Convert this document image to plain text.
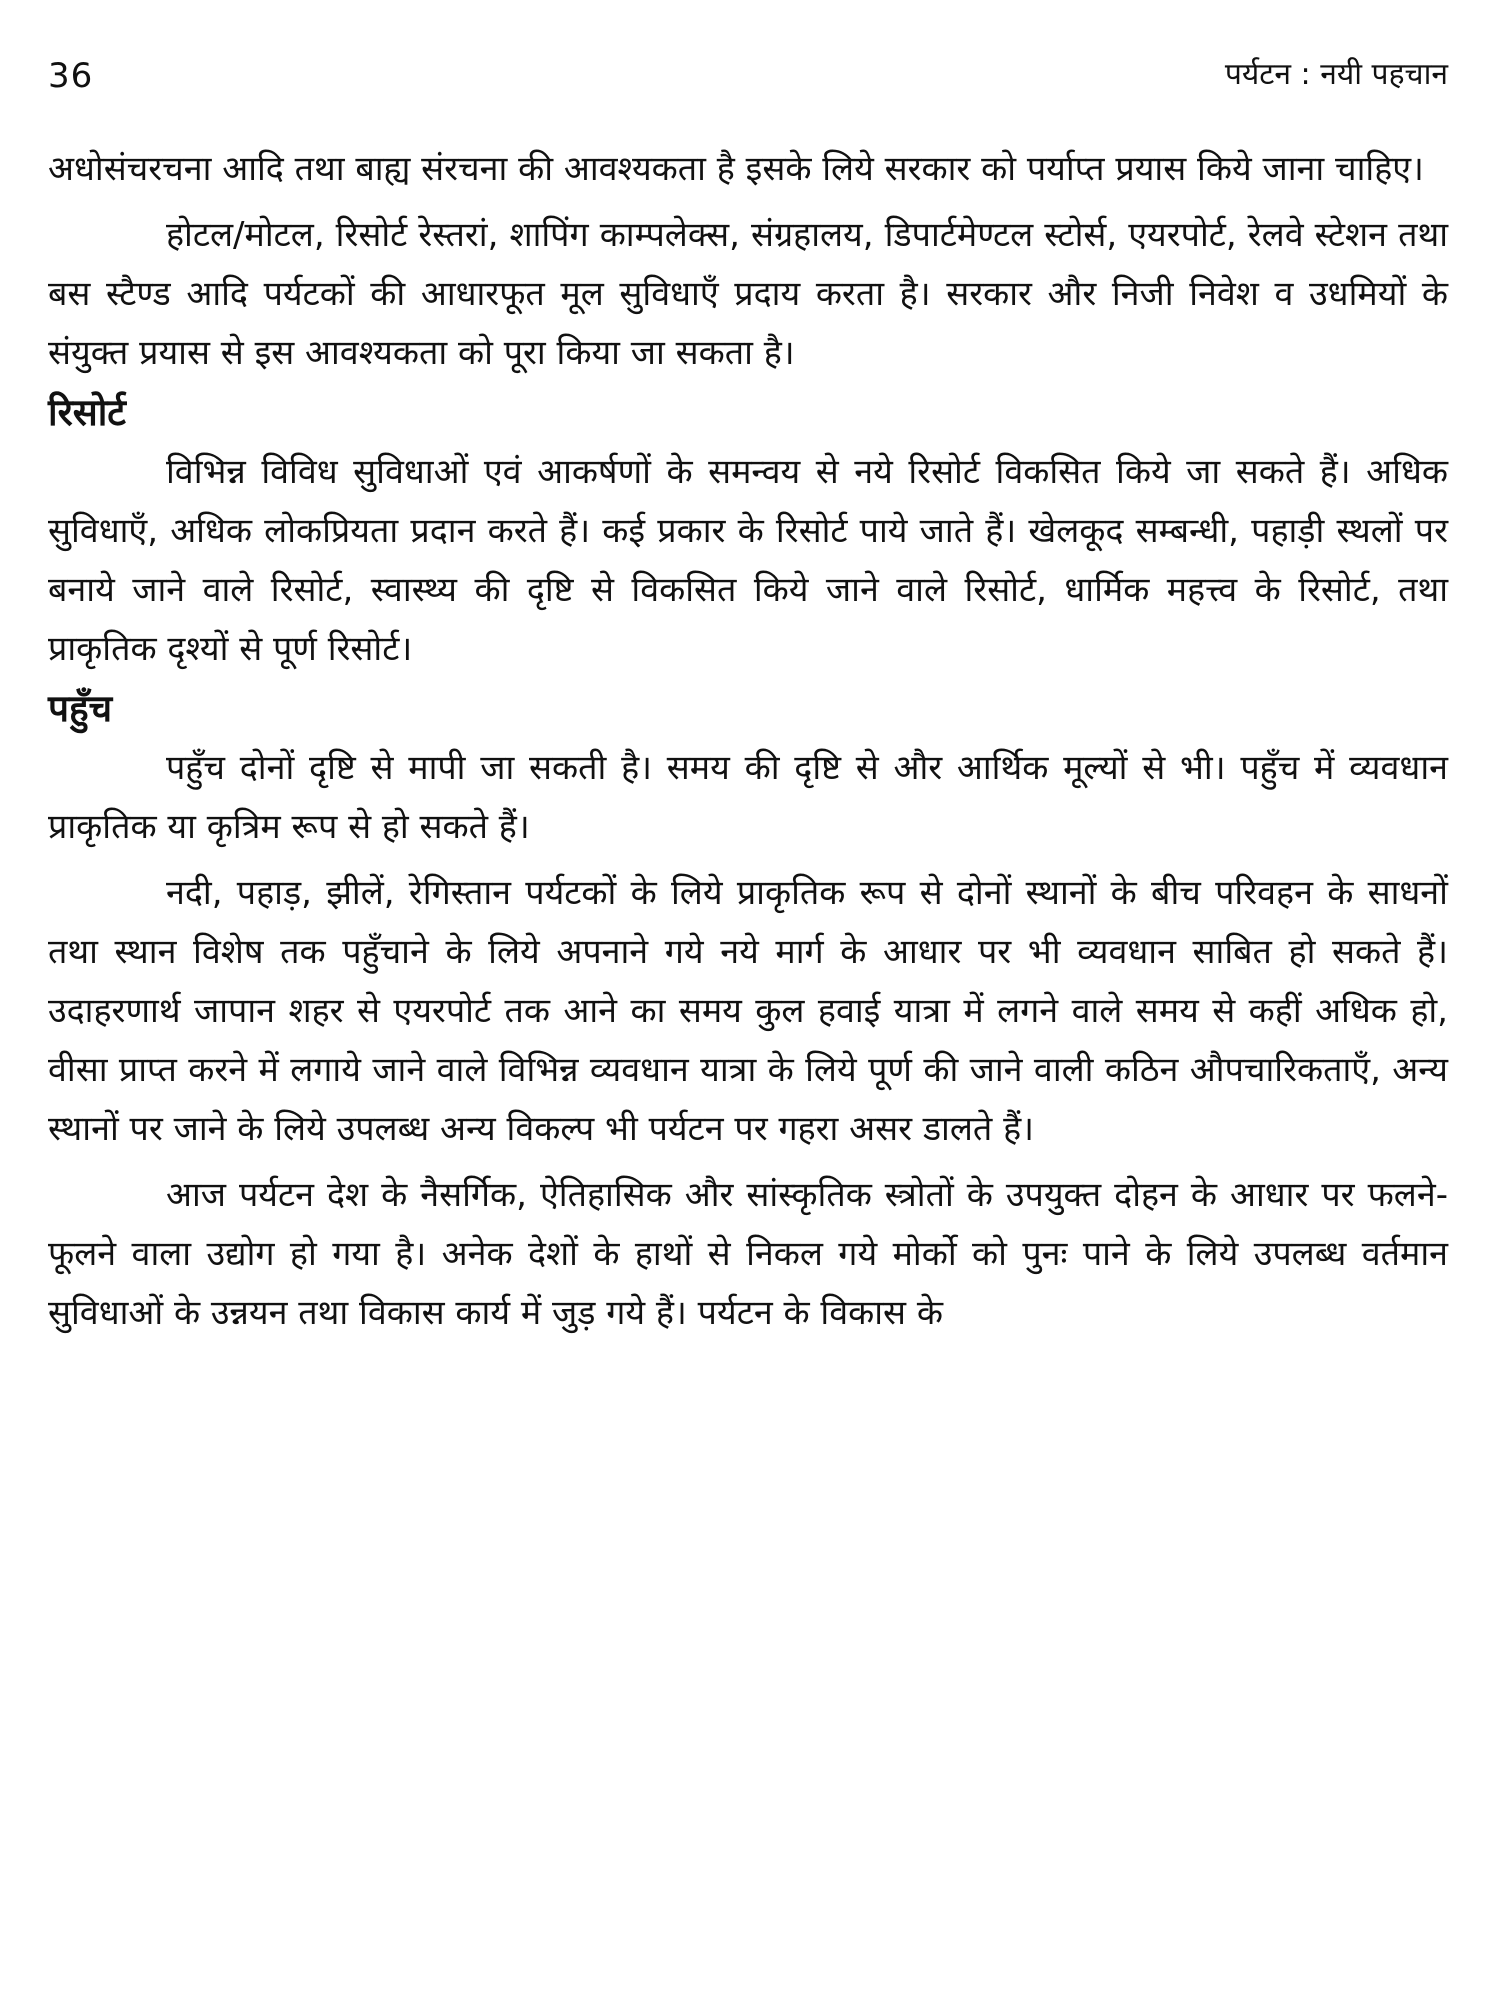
36	पर्यटन : नयी पहचान

अधोसंचरचना आदि तथा बाह्य संरचना की आवश्यकता है इसके लिये सरकार को पर्याप्त प्रयास किये जाना चाहिए।

होटल/मोटल, रिसोर्ट रेस्तरां, शापिंग काम्पलेक्स, संग्रहालय, डिपार्टमेण्टल स्टोर्स, एयरपोर्ट, रेलवे स्टेशन तथा बस स्टैण्ड आदि पर्यटकों की आधारफूत मूल सुविधाएँ प्रदाय करता है। सरकार और निजी निवेश व उधमियों के संयुक्त प्रयास से इस आवश्यकता को पूरा किया जा सकता है।

रिसोर्ट

विभिन्न विविध सुविधाओं एवं आकर्षणों के समन्वय से नये रिसोर्ट विकसित किये जा सकते हैं। अधिक सुविधाएँ, अधिक लोकप्रियता प्रदान करते हैं। कई प्रकार के रिसोर्ट पाये जाते हैं। खेलकूद सम्बन्धी, पहाड़ी स्थलों पर बनाये जाने वाले रिसोर्ट, स्वास्थ्य की दृष्टि से विकसित किये जाने वाले रिसोर्ट, धार्मिक महत्त्व के रिसोर्ट, तथा प्राकृतिक दृश्यों से पूर्ण रिसोर्ट।

पहुँच

पहुँच दोनों दृष्टि से मापी जा सकती है। समय की दृष्टि से और आर्थिक मूल्यों से भी। पहुँच में व्यवधान प्राकृतिक या कृत्रिम रूप से हो सकते हैं।

नदी, पहाड़, झीलें, रेगिस्तान पर्यटकों के लिये प्राकृतिक रूप से दोनों स्थानों के बीच परिवहन के साधनों तथा स्थान विशेष तक पहुँचाने के लिये अपनाने गये नये मार्ग के आधार पर भी व्यवधान साबित हो सकते हैं। उदाहरणार्थ जापान शहर से एयरपोर्ट तक आने का समय कुल हवाई यात्रा में लगने वाले समय से कहीं अधिक हो, वीसा प्राप्त करने में लगाये जाने वाले विभिन्न व्यवधान यात्रा के लिये पूर्ण की जाने वाली कठिन औपचारिकताएँ, अन्य स्थानों पर जाने के लिये उपलब्ध अन्य विकल्प भी पर्यटन पर गहरा असर डालते हैं।

आज पर्यटन देश के नैसर्गिक, ऐतिहासिक और सांस्कृतिक स्त्रोतों के उपयुक्त दोहन के आधार पर फलने-फूलने वाला उद्योग हो गया है। अनेक देशों के हाथों से निकल गये मोर्को को पुनः पाने के लिये उपलब्ध वर्तमान सुविधाओं के उन्नयन तथा विकास कार्य में जुड़ गये हैं। पर्यटन के विकास के
